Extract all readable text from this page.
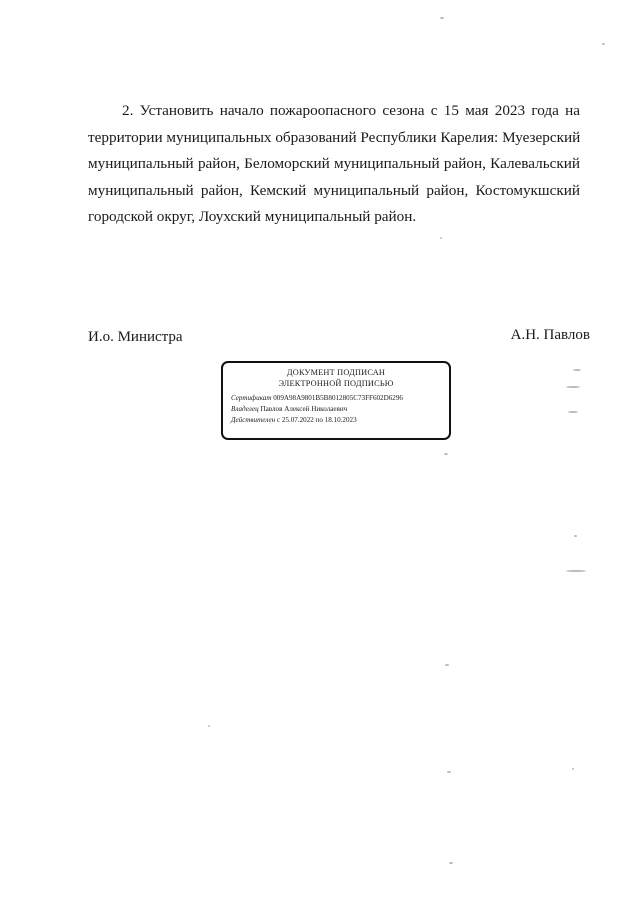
2. Установить начало пожароопасного сезона с 15 мая 2023 года на
территории муниципальных образований Республики Карелия: Муезерский
муниципальный район, Беломорский муниципальный район, Калевальский
муниципальный район, Кемский муниципальный район, Костомукшский
городской округ, Лоухский муниципальный район.

И.о. Министра	А.Н. Павлов

ДОКУМЕНТ ПОДПИСАН

ЭЛЕКТРОННОЙ ПОДПИСЬЮ

Сертификат 009A98A9801B5B8012805C73FF602D6296

Владелец Павлов Алексей Николаевич

Действителен с 25.07.2022 по 18.10.2023
